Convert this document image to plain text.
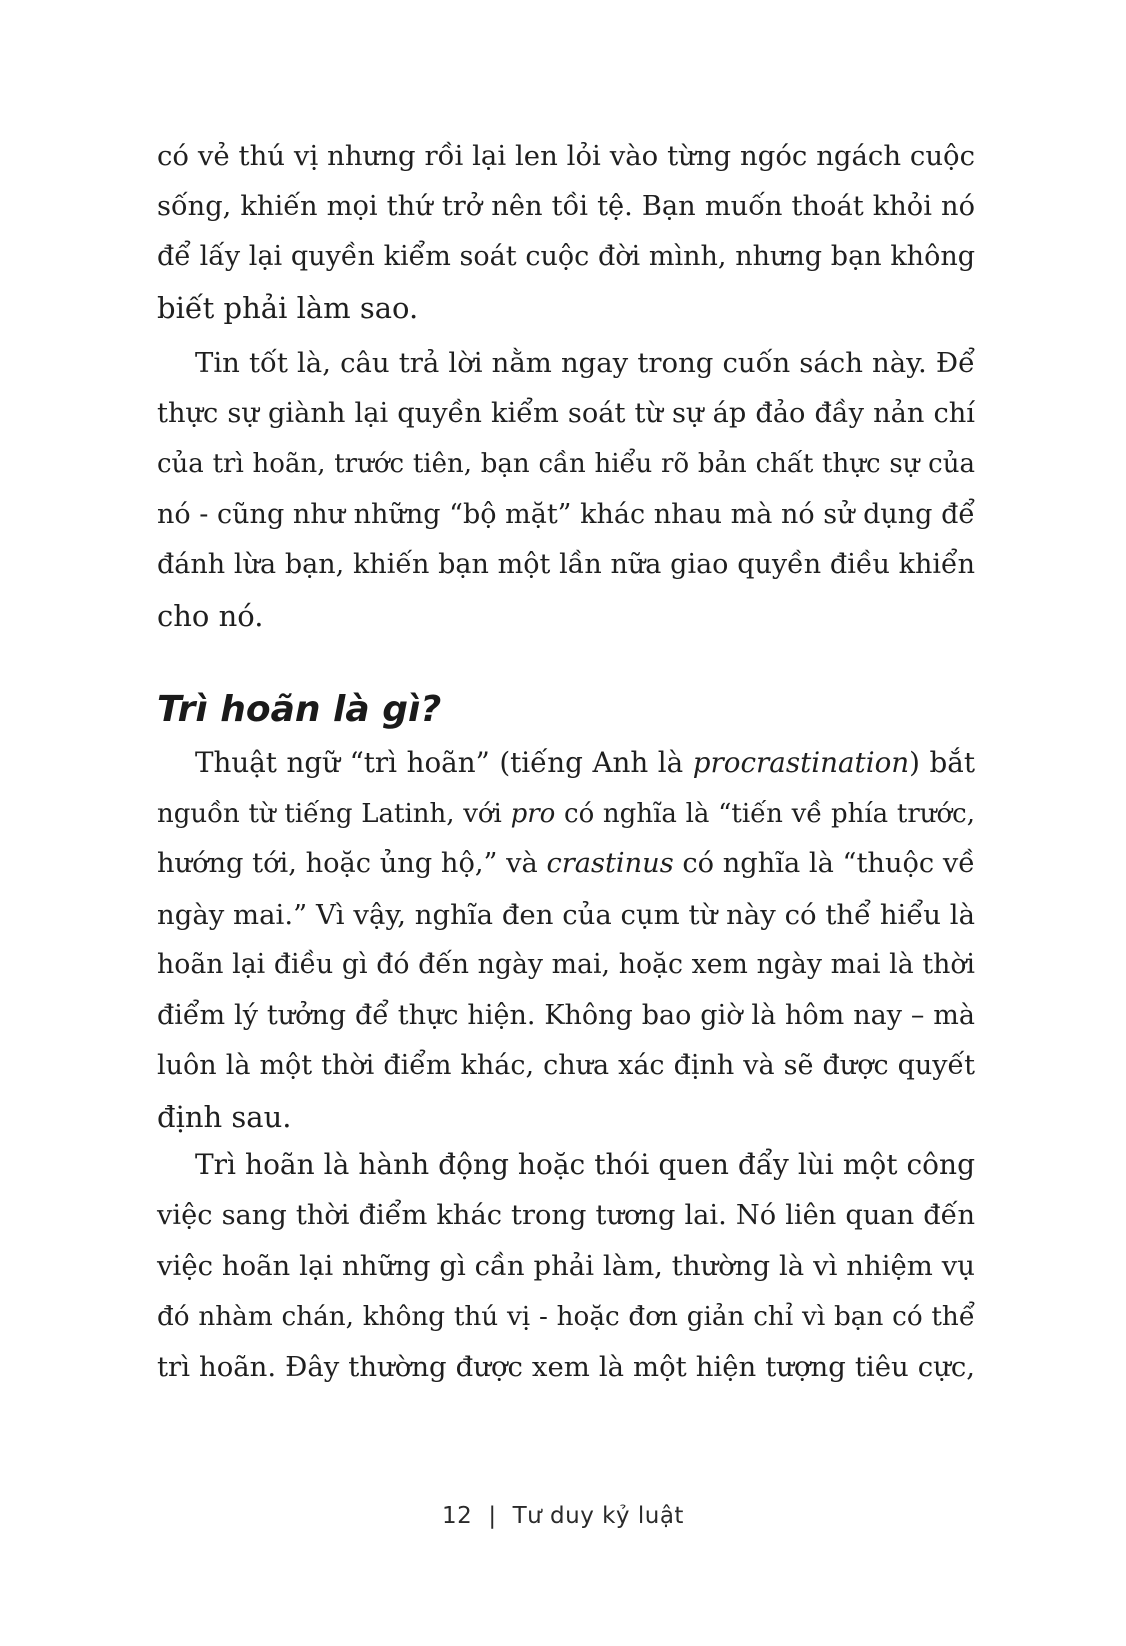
có vẻ thú vị nhưng rồi lại len lỏi vào từng ngóc ngách cuộc
sống, khiến mọi thứ trở nên tồi tệ. Bạn muốn thoát khỏi nó
để lấy lại quyền kiểm soát cuộc đời mình, nhưng bạn không
biết phải làm sao.
Tin tốt là, câu trả lời nằm ngay trong cuốn sách này. Để
thực sự giành lại quyền kiểm soát từ sự áp đảo đầy nản chí
của trì hoãn, trước tiên, bạn cần hiểu rõ bản chất thực sự của
nó - cũng như những “bộ mặt” khác nhau mà nó sử dụng để
đánh lừa bạn, khiến bạn một lần nữa giao quyền điều khiển
cho nó.
Trì hoãn là gì?
Thuật ngữ “trì hoãn” (tiếng Anh là procrastination) bắt
nguồn từ tiếng Latinh, với pro có nghĩa là “tiến về phía trước,
hướng tới, hoặc ủng hộ,” và crastinus có nghĩa là “thuộc về
ngày mai.” Vì vậy, nghĩa đen của cụm từ này có thể hiểu là
hoãn lại điều gì đó đến ngày mai, hoặc xem ngày mai là thời
điểm lý tưởng để thực hiện. Không bao giờ là hôm nay – mà
luôn là một thời điểm khác, chưa xác định và sẽ được quyết
định sau.
Trì hoãn là hành động hoặc thói quen đẩy lùi một công
việc sang thời điểm khác trong tương lai. Nó liên quan đến
việc hoãn lại những gì cần phải làm, thường là vì nhiệm vụ
đó nhàm chán, không thú vị - hoặc đơn giản chỉ vì bạn có thể
trì hoãn. Đây thường được xem là một hiện tượng tiêu cực,
12 | Tư duy kỷ luật
